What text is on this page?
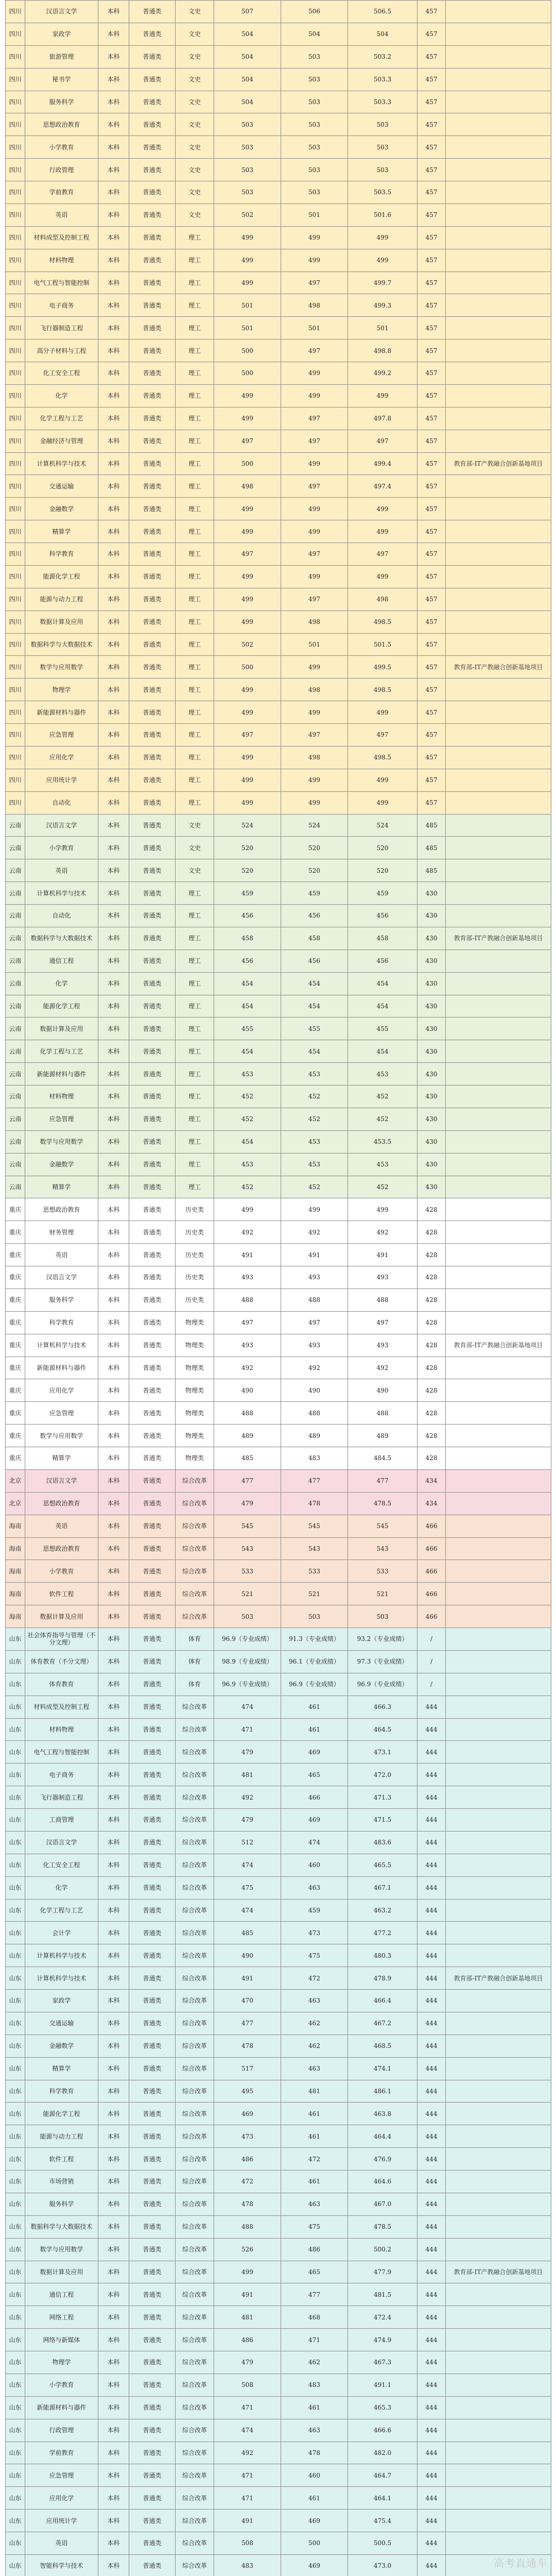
四川	汉语言文学	本科	普通类	文史	507	506	506.5	457	
四川	家政学	本科	普通类	文史	504	504	504	457	
四川	旅游管理	本科	普通类	文史	504	503	503.2	457	
四川	秘书学	本科	普通类	文史	504	503	503.3	457	
四川	服务科学	本科	普通类	文史	504	503	503.3	457	
四川	思想政治教育	本科	普通类	文史	503	503	503	457	
四川	小学教育	本科	普通类	文史	503	503	503	457	
四川	行政管理	本科	普通类	文史	503	503	503	457	
四川	学前教育	本科	普通类	文史	503	503	503.5	457	
四川	英语	本科	普通类	文史	502	501	501.6	457	
四川	材料成型及控制工程	本科	普通类	理工	499	499	499	457	
四川	材料物理	本科	普通类	理工	499	499	499	457	
四川	电气工程与智能控制	本科	普通类	理工	499	497	499.7	457	
四川	电子商务	本科	普通类	理工	501	498	499.3	457	
四川	飞行器制造工程	本科	普通类	理工	501	501	501	457	
四川	高分子材料与工程	本科	普通类	理工	500	497	498.8	457	
四川	化工安全工程	本科	普通类	理工	500	499	499.2	457	
四川	化学	本科	普通类	理工	499	499	499	457	
四川	化学工程与工艺	本科	普通类	理工	499	497	497.8	457	
四川	金融经济与管理	本科	普通类	理工	497	497	497	457	
四川	计算机科学与技术	本科	普通类	理工	500	499	499.4	457	教育部-IT产教融合创新基地项目
四川	交通运输	本科	普通类	理工	498	497	497.4	457	
四川	金融数学	本科	普通类	理工	499	499	499	457	
四川	精算学	本科	普通类	理工	499	499	499	457	
四川	科学教育	本科	普通类	理工	497	497	497	457	
四川	能源化学工程	本科	普通类	理工	499	499	499	457	
四川	能源与动力工程	本科	普通类	理工	499	497	498	457	
四川	数据计算及应用	本科	普通类	理工	499	498	498.5	457	
四川	数据科学与大数据技术	本科	普通类	理工	502	501	501.5	457	
四川	数学与应用数学	本科	普通类	理工	500	499	499.5	457	教育部-IT产教融合创新基地项目
四川	物理学	本科	普通类	理工	499	498	498.5	457	
四川	新能源材料与器件	本科	普通类	理工	499	499	499	457	
四川	应急管理	本科	普通类	理工	497	497	497	457	
四川	应用化学	本科	普通类	理工	499	498	498.5	457	
四川	应用统计学	本科	普通类	理工	499	499	499	457	
四川	自动化	本科	普通类	理工	499	499	499	457	
云南	汉语言文学	本科	普通类	文史	524	524	524	485	
云南	小学教育	本科	普通类	文史	520	520	520	485	
云南	英语	本科	普通类	文史	520	520	520	485	
云南	计算机科学与技术	本科	普通类	理工	459	459	459	430	
云南	自动化	本科	普通类	理工	456	456	456	430	
云南	数据科学与大数据技术	本科	普通类	理工	458	458	458	430	教育部-IT产教融合创新基地项目
云南	通信工程	本科	普通类	理工	456	456	456	430	
云南	化学	本科	普通类	理工	454	454	454	430	
云南	能源化学工程	本科	普通类	理工	454	454	454	430	
云南	数据计算及应用	本科	普通类	理工	455	455	455	430	
云南	化学工程与工艺	本科	普通类	理工	454	454	454	430	
云南	新能源材料与器件	本科	普通类	理工	453	453	453	430	
云南	材料物理	本科	普通类	理工	452	452	452	430	
云南	应急管理	本科	普通类	理工	452	452	452	430	
云南	数学与应用数学	本科	普通类	理工	454	453	453.5	430	
云南	金融数学	本科	普通类	理工	453	453	453	430	
云南	精算学	本科	普通类	理工	452	452	452	430	
重庆	思想政治教育	本科	普通类	历史类	499	499	499	428	
重庆	财务管理	本科	普通类	历史类	492	492	492	428	
重庆	英语	本科	普通类	历史类	491	491	491	428	
重庆	汉语言文学	本科	普通类	历史类	493	493	493	428	
重庆	服务科学	本科	普通类	历史类	488	488	488	428	
重庆	科学教育	本科	普通类	物理类	497	497	497	428	
重庆	计算机科学与技术	本科	普通类	物理类	493	493	493	428	教育部-IT产教融合创新基地项目
重庆	新能源材料与器件	本科	普通类	物理类	492	492	492	428	
重庆	应用化学	本科	普通类	物理类	490	490	490	428	
重庆	应急管理	本科	普通类	物理类	488	488	488	428	
重庆	数学与应用数学	本科	普通类	物理类	489	489	489	428	
重庆	精算学	本科	普通类	物理类	485	483	484.5	428	
北京	汉语言文学	本科	普通类	综合改革	477	477	477	434	
北京	思想政治教育	本科	普通类	综合改革	479	478	478.5	434	
海南	英语	本科	普通类	综合改革	545	545	545	466	
海南	思想政治教育	本科	普通类	综合改革	543	543	543	466	
海南	小学教育	本科	普通类	综合改革	533	533	533	466	
海南	软件工程	本科	普通类	综合改革	521	521	521	466	
海南	数据计算及应用	本科	普通类	综合改革	503	503	503	466	
山东	社会体育指导与管理（不分文理）	本科	普通类	体育	96.9（专业成绩）	91.3（专业成绩）	93.2（专业成绩）	/	
山东	体育教育（不分文理）	本科	普通类	体育	98.9（专业成绩）	96.1（专业成绩）	97.3（专业成绩）	/	
山东	体育教育	本科	普通类	体育	96.9（专业成绩）	96.9（专业成绩）	96.9（专业成绩）	/	
山东	材料成型及控制工程	本科	普通类	综合改革	474	461	466.3	444	
山东	材料物理	本科	普通类	综合改革	471	461	464.5	444	
山东	电气工程与智能控制	本科	普通类	综合改革	479	469	473.1	444	
山东	电子商务	本科	普通类	综合改革	481	465	472.0	444	
山东	飞行器制造工程	本科	普通类	综合改革	492	466	471.3	444	
山东	工商管理	本科	普通类	综合改革	479	469	471.5	444	
山东	汉语言文学	本科	普通类	综合改革	512	474	483.6	444	
山东	化工安全工程	本科	普通类	综合改革	474	460	465.5	444	
山东	化学	本科	普通类	综合改革	475	463	467.1	444	
山东	化学工程与工艺	本科	普通类	综合改革	474	459	463.2	444	
山东	会计学	本科	普通类	综合改革	485	473	477.2	444	
山东	计算机科学与技术	本科	普通类	综合改革	490	475	480.3	444	
山东	计算机科学与技术	本科	普通类	综合改革	491	472	478.9	444	教育部-IT产教融合创新基地项目
山东	家政学	本科	普通类	综合改革	470	463	466.4	444	
山东	交通运输	本科	普通类	综合改革	477	462	467.2	444	
山东	金融数学	本科	普通类	综合改革	478	462	468.5	444	
山东	精算学	本科	普通类	综合改革	517	463	474.1	444	
山东	科学教育	本科	普通类	综合改革	495	481	486.1	444	
山东	能源化学工程	本科	普通类	综合改革	469	461	463.8	444	
山东	能源与动力工程	本科	普通类	综合改革	473	461	464.4	444	
山东	软件工程	本科	普通类	综合改革	486	472	476.9	444	
山东	市场营销	本科	普通类	综合改革	472	461	464.6	444	
山东	服务科学	本科	普通类	综合改革	478	463	467.0	444	
山东	数据科学与大数据技术	本科	普通类	综合改革	488	475	478.5	444	
山东	数学与应用数学	本科	普通类	综合改革	526	486	500.2	444	
山东	数据计算及应用	本科	普通类	综合改革	499	465	477.9	444	教育部-IT产教融合创新基地项目
山东	通信工程	本科	普通类	综合改革	491	477	481.5	444	
山东	网络工程	本科	普通类	综合改革	481	468	472.4	444	
山东	网络与新媒体	本科	普通类	综合改革	486	471	474.9	444	
山东	物理学	本科	普通类	综合改革	479	462	467.3	444	
山东	小学教育	本科	普通类	综合改革	508	483	491.1	444	
山东	新能源材料与器件	本科	普通类	综合改革	471	461	465.3	444	
山东	行政管理	本科	普通类	综合改革	474	463	466.6	444	
山东	学前教育	本科	普通类	综合改革	492	478	482.0	444	
山东	应急管理	本科	普通类	综合改革	471	460	464.7	444	
山东	应用化学	本科	普通类	综合改革	471	461	464.1	444	
山东	应用统计学	本科	普通类	综合改革	491	469	475.4	444	
山东	英语	本科	普通类	综合改革	508	500	500.5	444	
山东	智能科学与技术	本科	普通类	综合改革	483	469	473.0	444	

										高考直通车
